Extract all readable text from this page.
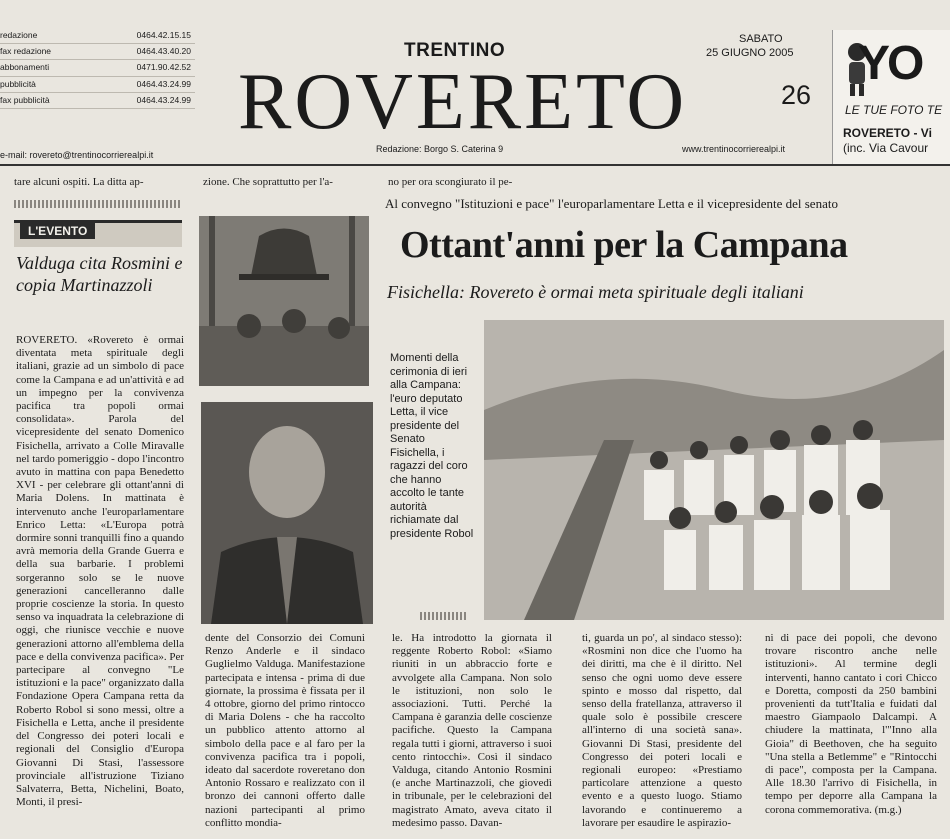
redazione	0464.42.15.15
fax redazione	0464.43.40.20
abbonamenti	0471.90.42.52
pubblicità	0464.43.24.99
fax pubblicità	0464.43.24.99
e-mail: rovereto@trentinocorrierealpi.it
TRENTINO
ROVERETO
Redazione: Borgo S. Caterina 9
SABATO
25 GIUGNO 2005
26
www.trentinocorrierealpi.it
YO
LE TUE FOTO TE
ROVERETO - Vi
(inc. Via Cavour
tare alcuni ospiti. La ditta ap-	zione. Che soprattutto per l'a-	no per ora scongiurato il pe-
L'EVENTO
Valduga cita Rosmini e copia Martinazzoli
ROVERETO. «Rovereto è ormai diventata meta spirituale degli italiani, grazie ad un simbolo di pace come la Campana e ad un'attività e ad un impegno per la convivenza pacifica tra popoli ormai consolidata». Parola del vicepresidente del senato Domenico Fisichella, arrivato a Colle Miravalle nel tardo pomeriggio - dopo l'incontro avuto in mattina con papa Benedetto XVI - per celebrare gli ottant'anni di Maria Dolens. In mattinata è intervenuto anche l'europarlamentare Enrico Letta: «L'Europa potrà dormire sonni tranquilli fino a quando avrà memoria della Grande Guerra e della sua barbarie. I problemi sorgeranno solo se le nuove generazioni cancelleranno dalle proprie coscienze la storia. In questo senso va inquadrata la celebrazione di oggi, che riunisce vecchie e nuove generazioni attorno all'emblema della pace e della convivenza pacifica». Per partecipare al convegno "Le istituzioni e la pace" organizzato dalla Fondazione Opera Campana retta da Roberto Robol si sono messi, oltre a Fisichella e Letta, anche il presidente del Congresso dei poteri locali e regionali del Consiglio d'Europa Giovanni Di Stasi, l'assessore provinciale all'istruzione Tiziano Salvaterra, Betta, Nichelini, Boato, Monti, il presi-
Momenti della cerimonia di ieri alla Campana: l'euro deputato Letta, il vice presidente del Senato Fisichella, i ragazzi del coro che hanno accolto le tante autorità richiamate dal presidente Robol
Al convegno "Istituzioni e pace" l'europarlamentare Letta e il vicepresidente del senato
Ottant'anni per la Campana
Fisichella: Rovereto è ormai meta spirituale degli italiani
dente del Consorzio dei Comuni Renzo Anderle e il sindaco Guglielmo Valduga. Manifestazione partecipata e intensa - prima di due giornate, la prossima è fissata per il 4 ottobre, giorno del primo rintocco di Maria Dolens - che ha raccolto un pubblico attento attorno al simbolo della pace e al faro per la convivenza pacifica tra i popoli, ideato dal sacerdote roveretano don Antonio Rossaro e realizzato con il bronzo dei cannoni offerto dalle nazioni partecipanti al primo conflitto mondia-
le. Ha introdotto la giornata il reggente Roberto Robol: «Siamo riuniti in un abbraccio forte e avvolgete alla Campana. Non solo le istituzioni, non solo le associazioni. Tutti. Perché la Campana è garanzia delle coscienze pacifiche. Questo la Campana regala tutti i giorni, attraverso i suoi cento rintocchi». Così il sindaco Valduga, citando Antonio Rosmini (e anche Martinazzoli, che giovedì in tribunale, per le celebrazioni del magistrato Amato, aveva citato il medesimo passo. Davan-
ti, guarda un po', al sindaco stesso): «Rosmini non dice che l'uomo ha dei diritti, ma che è il diritto. Nel senso che ogni uomo deve essere spinto e mosso dal rispetto, dal senso della fratellanza, attraverso il quale solo è possibile crescere all'interno di una società sana». Giovanni Di Stasi, presidente del Congresso dei poteri locali e regionali europeo: «Prestiamo particolare attenzione a questo evento e a questo luogo. Stiamo lavorando e continueremo a lavorare per esaudire le aspirazio-
ni di pace dei popoli, che devono trovare riscontro anche nelle istituzioni». Al termine degli interventi, hanno cantato i cori Chicco e Doretta, composti da 250 bambini provenienti da tutt'Italia e fuidati dal maestro Giampaolo Dalcampi. A chiudere la mattinata, l'"Inno alla Gioia" di Beethoven, che ha seguito "Una stella a Betlemme" e "Rintocchi di pace", composta per la Campana. Alle 18.30 l'arrivo di Fisichella, in tempo per deporre alla Campana la corona commemorativa. (m.g.)
